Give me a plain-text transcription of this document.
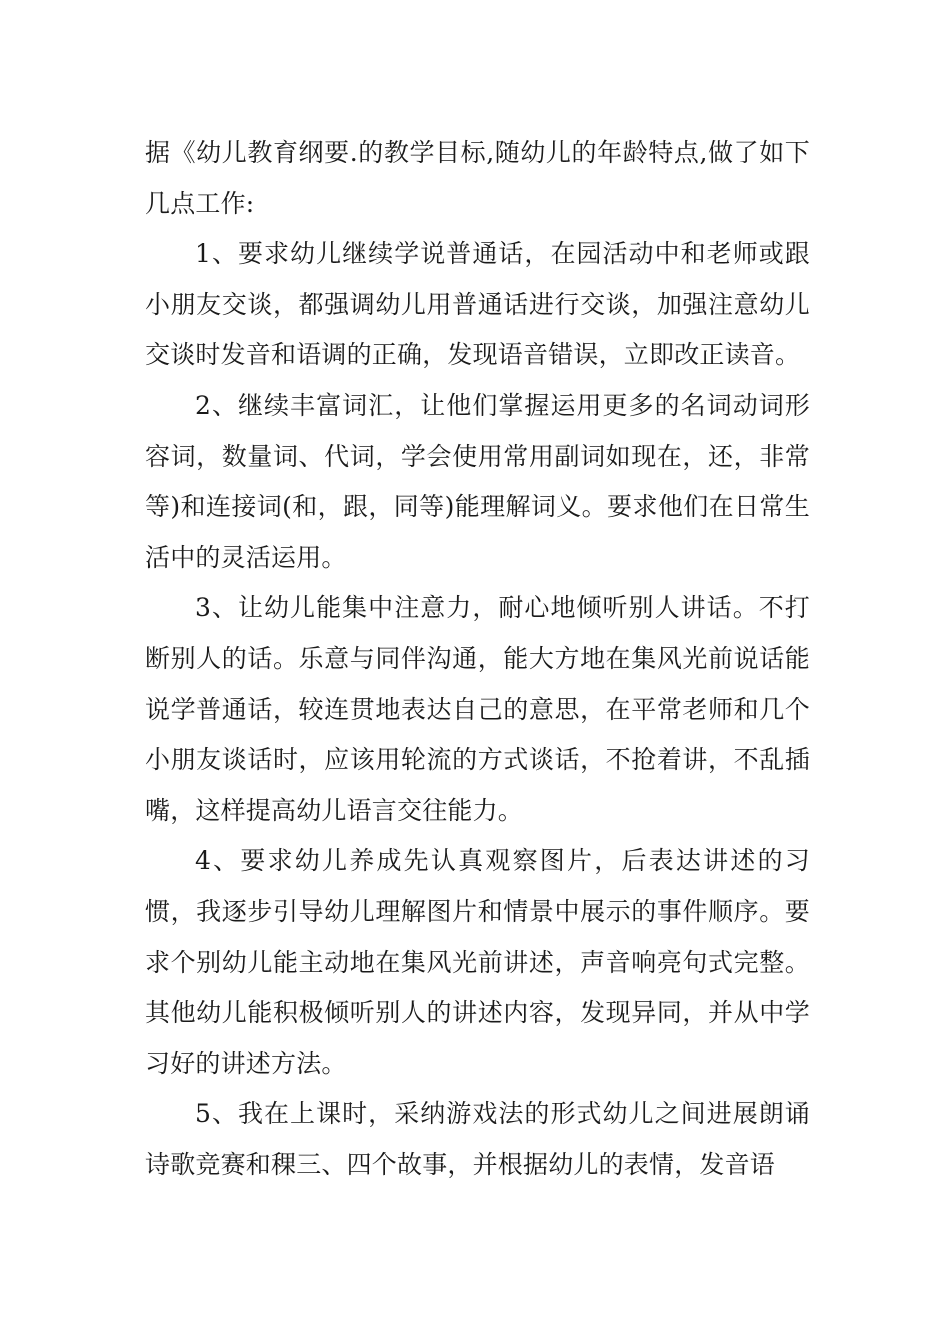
据《幼儿教育纲要.的教学目标,随幼儿的年龄特点,做了如下几点工作:

1、要求幼儿继续学说普通话，在园活动中和老师或跟小朋友交谈，都强调幼儿用普通话进行交谈，加强注意幼儿交谈时发音和语调的正确，发现语音错误，立即改正读音。

2、继续丰富词汇，让他们掌握运用更多的名词动词形容词，数量词、代词，学会使用常用副词如现在，还，非常等)和连接词(和，跟，同等)能理解词义。要求他们在日常生活中的灵活运用。

3、让幼儿能集中注意力，耐心地倾听别人讲话。不打断别人的话。乐意与同伴沟通，能大方地在集风光前说话能说学普通话，较连贯地表达自己的意思，在平常老师和几个小朋友谈话时，应该用轮流的方式谈话，不抢着讲，不乱插嘴，这样提高幼儿语言交往能力。

4、要求幼儿养成先认真观察图片，后表达讲述的习惯，我逐步引导幼儿理解图片和情景中展示的事件顺序。要求个别幼儿能主动地在集风光前讲述，声音响亮句式完整。其他幼儿能积极倾听别人的讲述内容，发现异同，并从中学习好的讲述方法。

5、我在上课时，采纳游戏法的形式幼儿之间进展朗诵诗歌竞赛和稞三、四个故事，并根据幼儿的表情，发音语
